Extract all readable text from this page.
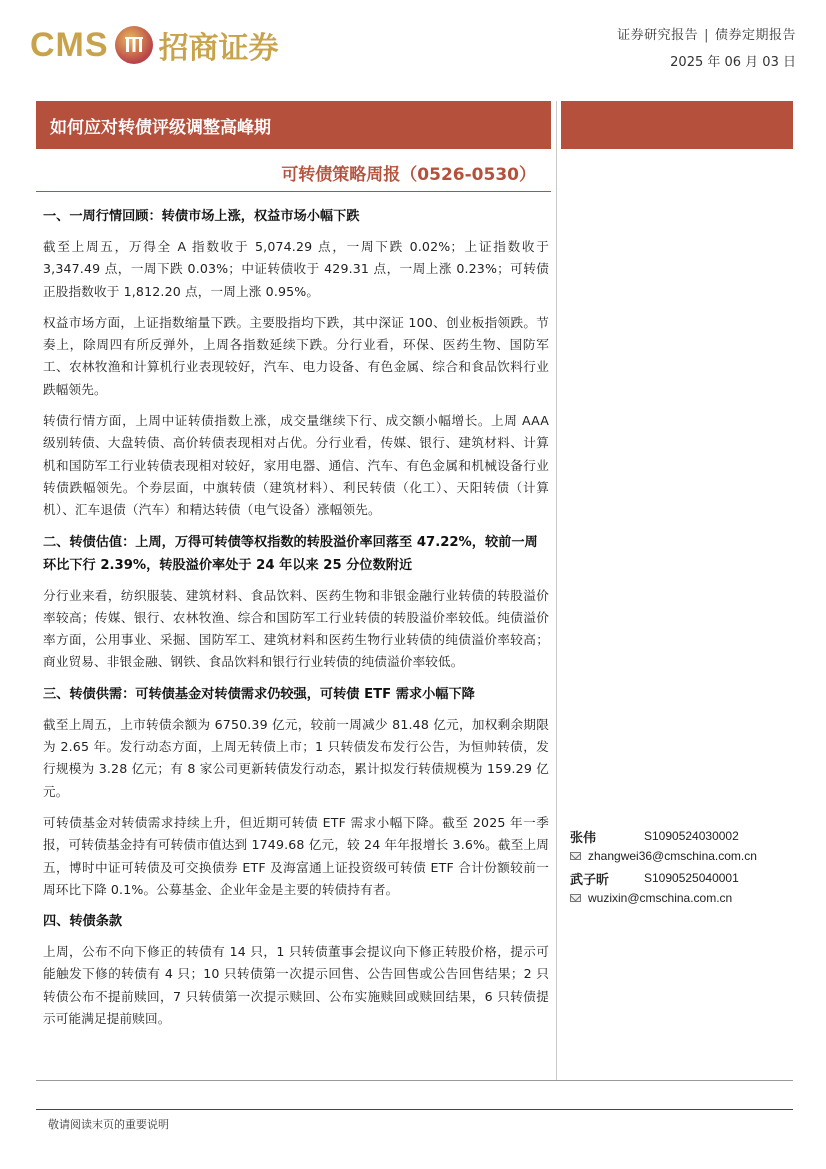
CMS 招商证券	证券研究报告 | 债券定期报告
2025 年 06 月 03 日
如何应对转债评级调整高峰期
可转债策略周报（0526-0530）
一、一周行情回顾：转债市场上涨，权益市场小幅下跌

截至上周五，万得全 A 指数收于 5,074.29 点，一周下跌 0.02%；上证指数收于 3,347.49 点，一周下跌 0.03%；中证转债收于 429.31 点，一周上涨 0.23%；可转债正股指数收于 1,812.20 点，一周上涨 0.95%。

权益市场方面，上证指数缩量下跌。主要股指均下跌，其中深证 100、创业板指领跌。节奏上，除周四有所反弹外，上周各指数延续下跌。分行业看，环保、医药生物、国防军工、农林牧渔和计算机行业表现较好，汽车、电力设备、有色金属、综合和食品饮料行业跌幅领先。

转债行情方面，上周中证转债指数上涨，成交量继续下行、成交额小幅增长。上周 AAA 级别转债、大盘转债、高价转债表现相对占优。分行业看，传媒、银行、建筑材料、计算机和国防军工行业转债表现相对较好，家用电器、通信、汽车、有色金属和机械设备行业转债跌幅领先。个券层面，中旗转债（建筑材料）、利民转债（化工）、天阳转债（计算机）、汇车退债（汽车）和精达转债（电气设备）涨幅领先。

二、转债估值：上周，万得可转债等权指数的转股溢价率回落至 47.22%，较前一周环比下行 2.39%，转股溢价率处于 24 年以来 25 分位数附近

分行业来看，纺织服装、建筑材料、食品饮料、医药生物和非银金融行业转债的转股溢价率较高；传媒、银行、农林牧渔、综合和国防军工行业转债的转股溢价率较低。纯债溢价率方面，公用事业、采掘、国防军工、建筑材料和医药生物行业转债的纯债溢价率较高；商业贸易、非银金融、钢铁、食品饮料和银行行业转债的纯债溢价率较低。

三、转债供需：可转债基金对转债需求仍较强，可转债 ETF 需求小幅下降

截至上周五，上市转债余额为 6750.39 亿元，较前一周减少 81.48 亿元，加权剩余期限为 2.65 年。发行动态方面，上周无转债上市；1 只转债发布发行公告，为恒帅转债，发行规模为 3.28 亿元；有 8 家公司更新转债发行动态，累计拟发行转债规模为 159.29 亿元。

可转债基金对转债需求持续上升，但近期可转债 ETF 需求小幅下降。截至 2025 年一季报，可转债基金持有可转债市值达到 1749.68 亿元，较 24 年年报增长 3.6%。截至上周五，博时中证可转债及可交换债券 ETF 及海富通上证投资级可转债 ETF 合计份额较前一周环比下降 0.1%。公募基金、企业年金是主要的转债持有者。

四、转债条款

上周，公布不向下修正的转债有 14 只，1 只转债董事会提议向下修正转股价格，提示可能触发下修的转债有 4 只；10 只转债第一次提示回售、公告回售或公告回售结果；2 只转债公布不提前赎回，7 只转债第一次提示赎回、公布实施赎回或赎回结果，6 只转债提示可能满足提前赎回。

张伟	S1090524030002
zhangwei36@cmschina.com.cn
武子昕	S1090525040001
wuzixin@cmschina.com.cn
敬请阅读末页的重要说明
